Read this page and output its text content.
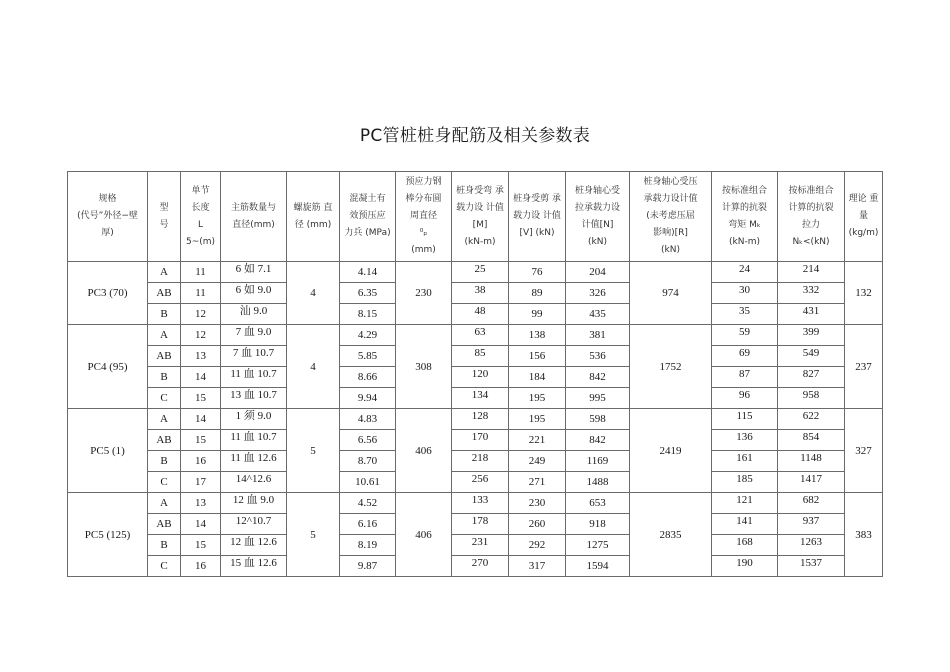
PC管桩桩身配筋及相关参数表
规格
(代号”外径−壁
厚)	型
号	单节
长度
L
5~(m)	主筋数量与
直径(mm)	螺旋筋 直
径 (mm)	混凝土有
效预压应
力兵 (MPa)	预应力钢
棒分布圆
周直径
⁰ₚ
(mm)	桩身受弯 承
载力设 计值
[M]
(kN-m)	桩身受剪 承
载力设 计值
[V] (kN)	桩身轴心受
拉承载力设
计值[N]
(kN)	桩身轴心受压
承载力设计值
(未考虑压屈
影响)[R]
(kN)	按标准组合
计算的抗裂
弯矩 Mₖ
(kN-m)	按标准组合
计算的抗裂
拉力
Nₖ<(kN)	理论 重
量 (kg/m)

PC3 (70)	A	11	6 如 7.1	4	4.14	230	25	76	204	974	24	214	132
	AB	11	6 如 9.0		6.35		38	89	326		30	332	
	B	12	汕 9.0		8.15		48	99	435		35	431	
PC4 (95)	A	12	7 血 9.0	4	4.29	308	63	138	381	1752	59	399	237
	AB	13	7 血 10.7		5.85		85	156	536		69	549	
	B	14	11 血 10.7		8.66		120	184	842		87	827	
	C	15	13 血 10.7		9.94		134	195	995		96	958	
PC5 (1)	A	14	1 须 9.0	5	4.83	406	128	195	598	2419	115	622	327
	AB	15	11 血 10.7		6.56		170	221	842		136	854	
	B	16	11 血 12.6		8.70		218	249	1169		161	1148	
	C	17	14^12.6		10.61		256	271	1488		185	1417	
PC5 (125)	A	13	12 血 9.0	5	4.52	406	133	230	653	2835	121	682	383
	AB	14	12^10.7		6.16		178	260	918		141	937	
	B	15	12 血 12.6		8.19		231	292	1275		168	1263	
	C	16	15 血 12.6		9.87		270	317	1594		190	1537	
